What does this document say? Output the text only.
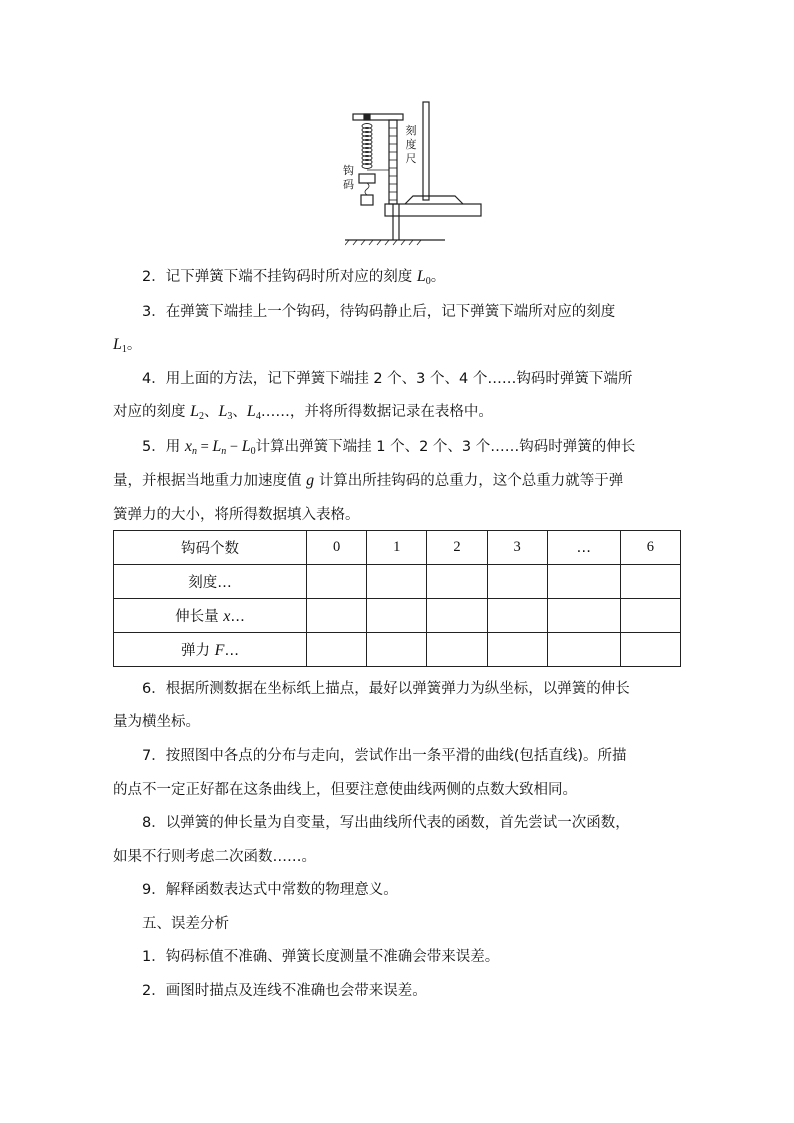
刻度尺
钩码
2．记下弹簧下端不挂钩码时所对应的刻度 $L_0$。
3．在弹簧下端挂上一个钩码，待钩码静止后，记下弹簧下端所对应的刻度
$L_1$。
4．用上面的方法，记下弹簧下端挂 2 个、3 个、4 个……钩码时弹簧下端所
对应的刻度 $L_2$、$L_3$、$L_4\dots\dots$，并将所得数据记录在表格中。
5．用 $x_n = L_n - L_0$计算出弹簧下端挂 1 个、2 个、3 个……钩码时弹簧的伸长
量，并根据当地重力加速度值 g 计算出所挂钩码的总重力，这个总重力就等于弹
簧弹力的大小，将所得数据填入表格。
钩码个数	0	1	2	3	…	6
刻度…						
伸长量 x…						
弹力 F…						
6．根据所测数据在坐标纸上描点，最好以弹簧弹力为纵坐标，以弹簧的伸长
量为横坐标。
7．按照图中各点的分布与走向，尝试作出一条平滑的曲线(包括直线)。所描
的点不一定正好都在这条曲线上，但要注意使曲线两侧的点数大致相同。
8．以弹簧的伸长量为自变量，写出曲线所代表的函数，首先尝试一次函数，
如果不行则考虑二次函数……。
9．解释函数表达式中常数的物理意义。
五、误差分析
1．钩码标值不准确、弹簧长度测量不准确会带来误差。
2．画图时描点及连线不准确也会带来误差。
